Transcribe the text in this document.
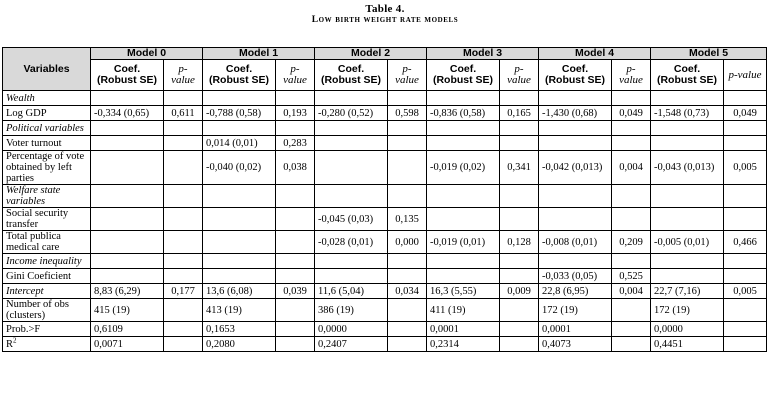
Table 4.
Low birth weight rate models
Variables	Model 0		Model 1		Model 2		Model 3		Model 4		Model 5	
	Coef. (Robust SE)	p-value	Coef. (Robust SE)	p-value	Coef. (Robust SE)	p-value	Coef. (Robust SE)	p-value	Coef. (Robust SE)	p-value	Coef. (Robust SE)	p-value
Wealth												
Log GDP	-0,334 (0,65)	0,611	-0,788 (0,58)	0,193	-0,280 (0,52)	0,598	-0,836 (0,58)	0,165	-1,430 (0,68)	0,049	-1,548 (0,73)	0,049
Political variables												
Voter turnout			0,014 (0,01)	0,283								
Percentage of vote obtained by left parties			-0,040 (0,02)	0,038			-0,019 (0,02)	0,341	-0,042 (0,013)	0,004	-0,043 (0,013)	0,005
Welfare state variables												
Social security transfer					-0,045 (0,03)	0,135						
Total publica medical care					-0,028 (0,01)	0,000	-0,019 (0,01)	0,128	-0,008 (0,01)	0,209	-0,005 (0,01)	0,466
Income inequality												
Gini Coeficient									-0,033 (0,05)	0,525		
Intercept	8,83 (6,29)	0,177	13,6 (6,08)	0,039	11,6 (5,04)	0,034	16,3 (5,55)	0,009	22,8 (6,95)	0,004	22,7 (7,16)	0,005
Number of obs (clusters)	415 (19)		413 (19)		386 (19)		411 (19)		172 (19)		172 (19)	
Prob.>F	0,6109		0,1653		0,0000		0,0001		0,0001		0,0000	
$R^2$	0,0071		0,2080		0,2407		0,2314		0,4073		0,4451	
